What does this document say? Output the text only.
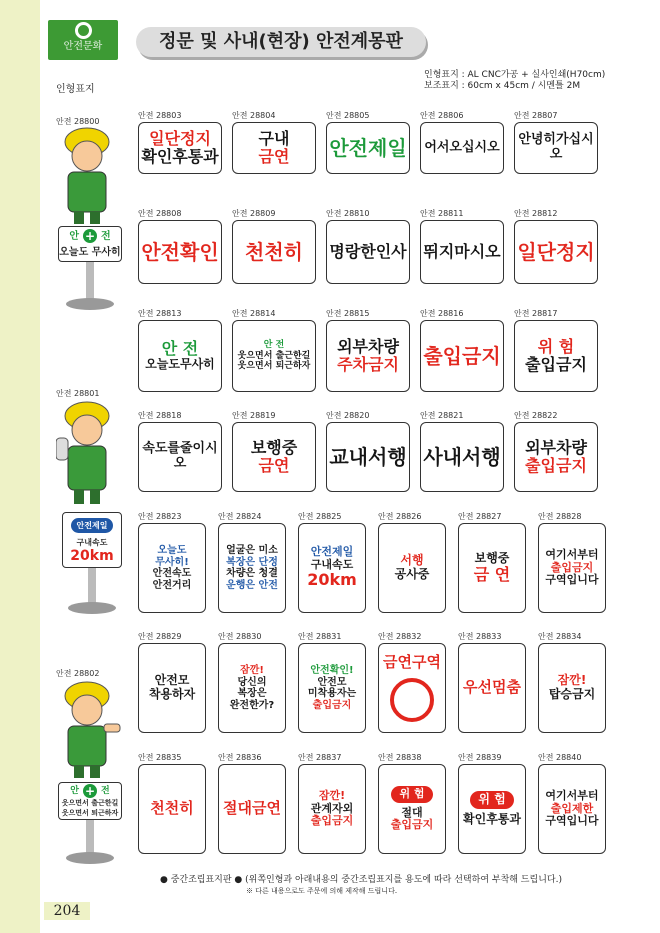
안전문화	정문 및 사내(현장) 안전계몽판
인형표지
인형표지 : AL CNC가공 + 실사인쇄(H70cm)
보조표지 : 60cm x 45cm / 시멘틀 2M
안전 28800
안 + 전
오늘도 무사히
안전 28801
안전제일
구내속도
20km
안전 28802
안 + 전
웃으면서 출근한길
웃으면서 퇴근하자
안전 28803
일단정지
확인후통과
안전 28804
구내
금연
안전 28805
안전제일
안전 28806
어서오십시오
안전 28807
안녕히가십시오
안전 28808
안전확인
안전 28809
천천히
안전 28810
명랑한인사
안전 28811
뛰지마시오
안전 28812
일단정지
안전 28813
안 전
오늘도무사히
안전 28814
안 전
웃으면서 출근한길
웃으면서 퇴근하자
안전 28815
외부차량
주차금지
안전 28816
출입금지
안전 28817
위 험
출입금지
안전 28818
속도를줄이시오
안전 28819
보행중
금연
안전 28820
교내서행
안전 28821
사내서행
안전 28822
외부차량
출입금지
안전 28823
오늘도
무사히!
안전속도
안전거리
안전 28824
얼굴은 미소
복장은 단정
차량은 청결
운행은 안전
안전 28825
안전제일
구내속도
20km
안전 28826
서행
공사중
안전 28827
보행중
금 연
안전 28828
여기서부터
출입금지
구역입니다
안전 28829
안전모
착용하자
안전 28830
잠깐!
당신의
복장은
완전한가?
안전 28831
안전확인!
안전모
미착용자는
출입금지
안전 28832
금연구역
안전 28833
우선멈춤
안전 28834
잠깐!
탑승금지
안전 28835
천천히
안전 28836
절대금연
안전 28837
잠깐!
관계자외
출입금지
안전 28838
위 험
절대
출입금지
안전 28839
위 험
확인후통과
안전 28840
여기서부터
출입제한
구역입니다
● 중간조립표지판 ● (위쪽인형과 아래내용의 중간조립표지를 용도에 따라 선택하여 부착해 드립니다.)
※ 다른 내용으로도 주문에 의해 제작해 드립니다.
204
